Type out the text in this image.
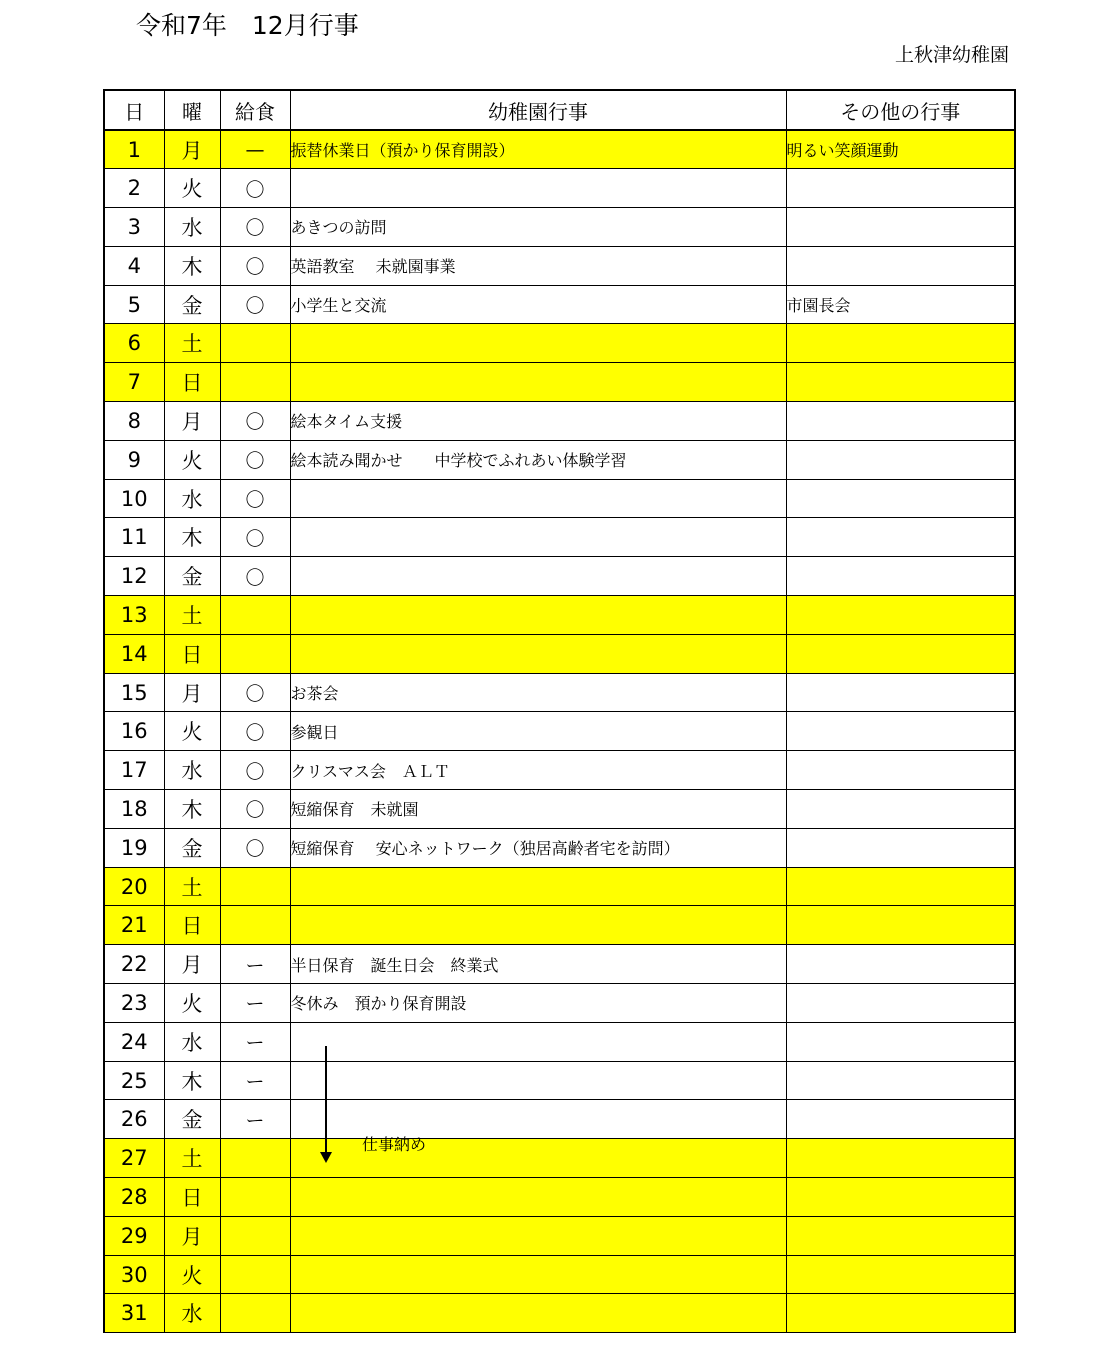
令和7年　12月行事
上秋津幼稚園
日	曜	給食	幼稚園行事	その他の行事
1	月	—	振替休業日（預かり保育開設）	明るい笑顔運動
2	火	〇		
3	水	〇	あきつの訪問	
4	木	〇	英語教室　 未就園事業	
5	金	〇	小学生と交流	市園長会
6	土			
7	日			
8	月	〇	絵本タイム支援	
9	火	〇	絵本読み聞かせ　　中学校でふれあい体験学習	
10	水	〇		
11	木	〇		
12	金	〇		
13	土			
14	日			
15	月	〇	お茶会	
16	火	〇	参観日	
17	水	〇	クリスマス会　ＡＬＴ	
18	木	〇	短縮保育　未就園	
19	金	〇	短縮保育　 安心ネットワーク（独居高齢者宅を訪問）	
20	土			
21	日			
22	月	ー	半日保育　誕生日会　終業式	
23	火	ー	冬休み　預かり保育開設	
24	水	ー		
25	木	ー		
26	金	ー		
27	土			
28	日			
29	月			
30	火			
31	水			
仕事納め
